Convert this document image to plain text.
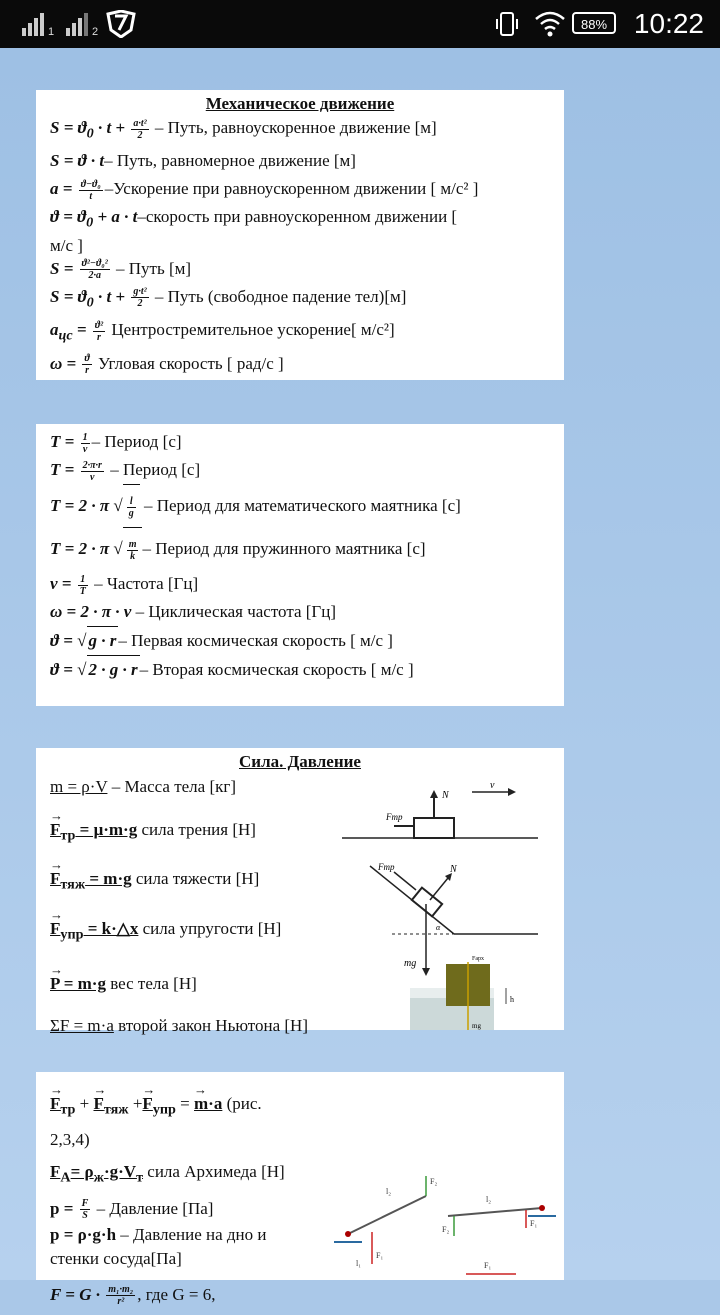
1	2	88% 10:22
Механическое движение
$S = ϑ_0 \cdot t + \frac{\text{a·t²}}{2}$ – Путь, равноускоренное движение [м]
S = ϑ · t– Путь, равномерное движение [м]
$a = \frac{\text{ϑ−ϑ₀}}{t}$ –Ускорение при равноускоренном движении [ м/с² ]
$ϑ = ϑ_0 + a$ · t–скорость при равноускоренном движении [
м/с ]
$S = \frac{\text{ϑ²−ϑ₀²}}{2\cdot a}$ – Путь [м]
$S = ϑ_0 \cdot t + \frac{\text{g·t²}}{2}$ – Путь (свободное падение тел)[м]
$a_{цс} = \frac{\text{ϑ²}}{r}$ Центростремительное ускорение[ м/с²]
$\omega = \frac{ϑ}{r}$ Угловая скорость [ рад/с ]
$T = \frac{1}{\nu}$ – Период [с]
$T = \frac{2\cdot\pi\cdot r}{\nu}$ – Период [с]
T = 2 · π √ $\frac{l}{g}$ – Период для математического маятника [с]
T = 2 · π √ $\frac{m}{k}$ – Период для пружинного маятника [с]
$\nu = \frac{1}{T}$ – Частота [Гц]
ω = 2 · π · ν – Циклическая частота [Гц]
ϑ = √ g · r – Первая космическая скорость [ м/с ]
ϑ = √ 2 · g · r – Вторая космическая скорость [ м/с ]
Сила. Давление
m = ρ·V – Масса тела [кг]
→ $F_{тр} = \mu\cdot m\cdot g$ сила трения [Н]
→ $F_{тяж} = m\cdot g$ сила тяжести [Н]
→ $F_{упр}$ = k·△x сила упругости [Н]
→ P = m·g вес тела [Н]
ΣF = m·a второй закон Ньютона [Н]
N
Fтр
v
mg
N
Fтр
α
Fарх
h
mg
→ $F_{тр}$ + → $F_{тяж} +\to F_{упр}$ = → m·a (рис.
2,3,4)
$F_A= \rho_ж\cdot g\cdot V_т$ сила Архимеда [Н]
$p = \frac{F}{S}$ – Давление [Па]
p = ρ·g·h – Давление на дно и
стенки сосуда[Па]
$F = G \cdot \frac{\text{m₁·m₂}}{\text{r²}}$ , где G = 6,
F₁
F₂
l₂
l₁
F₂
F₁
l₂
F₁
